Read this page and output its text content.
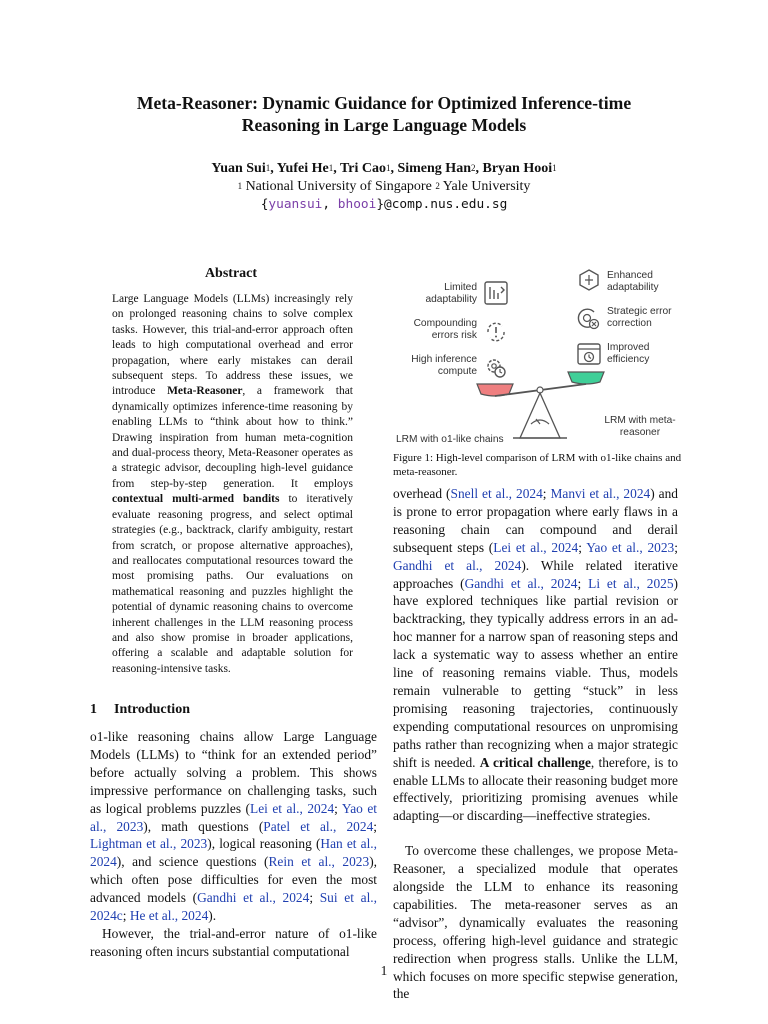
Meta-Reasoner: Dynamic Guidance for Optimized Inference-time
Reasoning in Large Language Models
Yuan Sui$^1$, Yufei He$^1$, Tri Cao$^1$, Simeng Han$^2$, Bryan Hooi$^1$
$^1$ National University of Singapore $^2$ Yale University
{yuansui, bhooi}@comp.nus.edu.sg
Abstract
Large Language Models (LLMs) increasingly rely on prolonged reasoning chains to solve complex tasks. However, this trial-and-error approach often leads to high computational overhead and error propagation, where early mistakes can derail subsequent steps. To address these issues, we introduce Meta-Reasoner, a framework that dynamically optimizes inference-time reasoning by enabling LLMs to “think about how to think.” Drawing inspiration from human meta-cognition and dual-process theory, Meta-Reasoner operates as a strategic advisor, decoupling high-level guidance from step-by-step generation. It employs contextual multi-armed bandits to iteratively evaluate reasoning progress, and select optimal strategies (e.g., backtrack, clarify ambiguity, restart from scratch, or propose alternative approaches), and reallocates computational resources toward the most promising paths. Our evaluations on mathematical reasoning and puzzles highlight the potential of dynamic reasoning chains to overcome inherent challenges in the LLM reasoning process and also show promise in broader applications, offering a scalable and adaptable solution for reasoning-intensive tasks.
1 Introduction

o1-like reasoning chains allow Large Language Models (LLMs) to “think for an extended period” before actually solving a problem. This shows impressive performance on challenging tasks, such as logical problems puzzles (Lei et al., 2024; Yao et al., 2023), math questions (Patel et al., 2024; Lightman et al., 2023), logical reasoning (Han et al., 2024), and science questions (Rein et al., 2023), which often pose difficulties for even the most advanced models (Gandhi et al., 2024; Sui et al., 2024c; He et al., 2024).

However, the trial-and-error nature of o1-like reasoning often incurs substantial computational

overhead (Snell et al., 2024; Manvi et al., 2024) and is prone to error propagation where early flaws in a reasoning chain can compound and derail subsequent steps (Lei et al., 2024; Yao et al., 2023; Gandhi et al., 2024). While related iterative approaches (Gandhi et al., 2024; Li et al., 2025) have explored techniques like partial revision or backtracking, they typically address errors in an ad-hoc manner for a narrow span of reasoning steps and lack a systematic way to assess whether an entire line of reasoning remains viable. Thus, models remain vulnerable to getting “stuck” in less promising reasoning trajectories, continuously expending computational resources on unpromising paths rather than recognizing when a major strategic shift is needed. A critical challenge, therefore, is to enable LLMs to allocate their reasoning budget more effectively, prioritizing promising avenues while adapting—or discarding—ineffective strategies.

To overcome these challenges, we propose Meta-Reasoner, a specialized module that operates alongside the LLM to enhance its reasoning capabilities. The meta-reasoner serves as an “advisor”, dynamically evaluates the reasoning process, offering high-level guidance and strategic redirection when progress stalls. Unlike the LLM, which focuses on more specific stepwise generation, the

Limited
adaptability
Compounding
errors risk
High inference
compute
LRM with o1-like chains
Enhanced
adaptability
Strategic error
correction
Improved
efficiency
LRM with meta-
reasoner
Figure 1: High-level comparison of LRM with o1-like chains and meta-reasoner.
1
